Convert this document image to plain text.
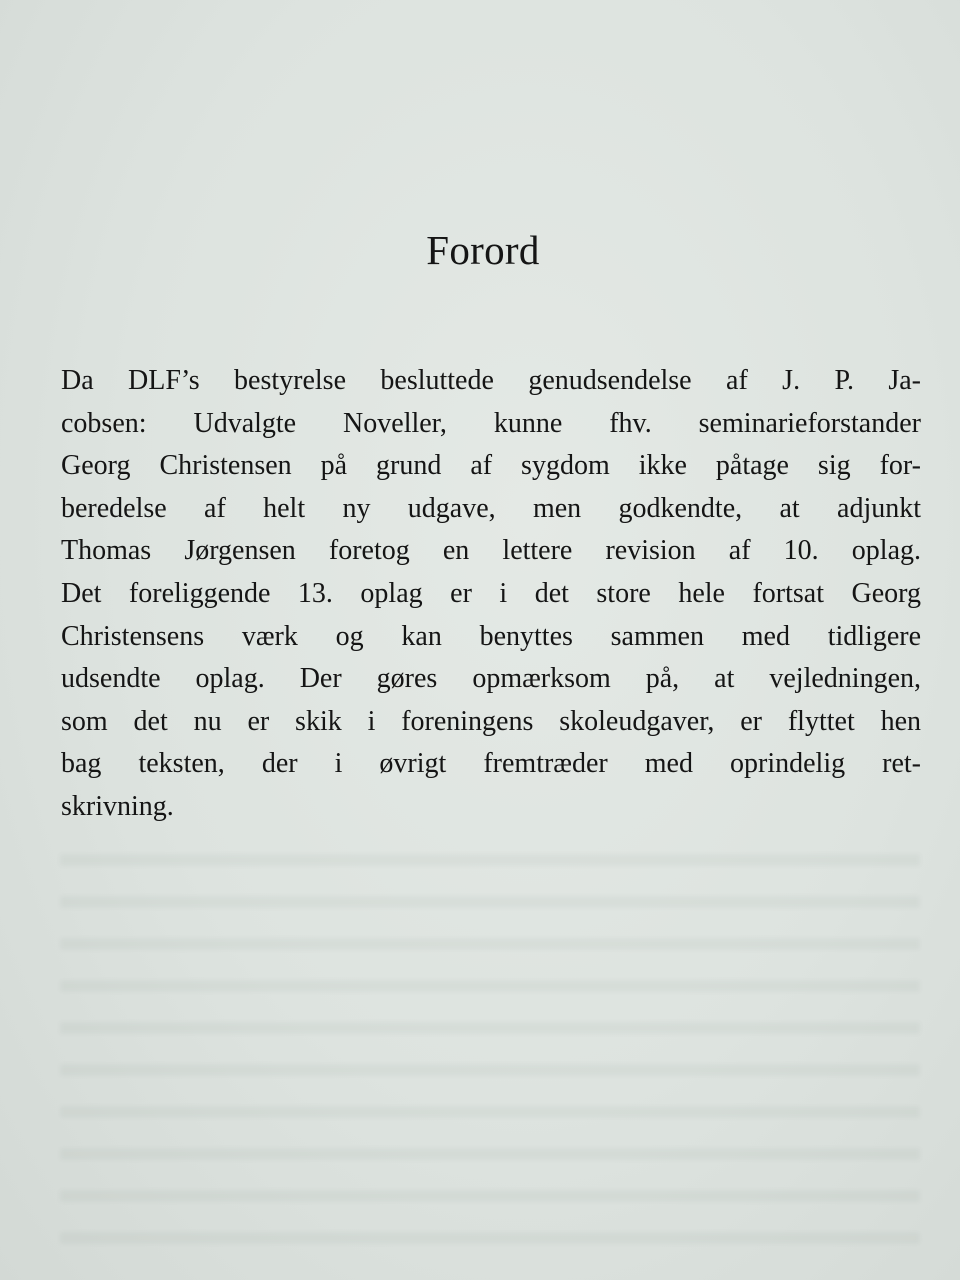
Forord
Da DLF’s bestyrelse besluttede genudsendelse af J. P. Ja-
cobsen: Udvalgte Noveller, kunne fhv. seminarieforstander
Georg Christensen på grund af sygdom ikke påtage sig for-
beredelse af helt ny udgave, men godkendte, at adjunkt
Thomas Jørgensen foretog en lettere revision af 10. oplag.
Det foreliggende 13. oplag er i det store hele fortsat Georg
Christensens værk og kan benyttes sammen med tidligere
udsendte oplag. Der gøres opmærksom på, at vejledningen,
som det nu er skik i foreningens skoleudgaver, er flyttet hen
bag teksten, der i øvrigt fremtræder med oprindelig ret-
skrivning.
